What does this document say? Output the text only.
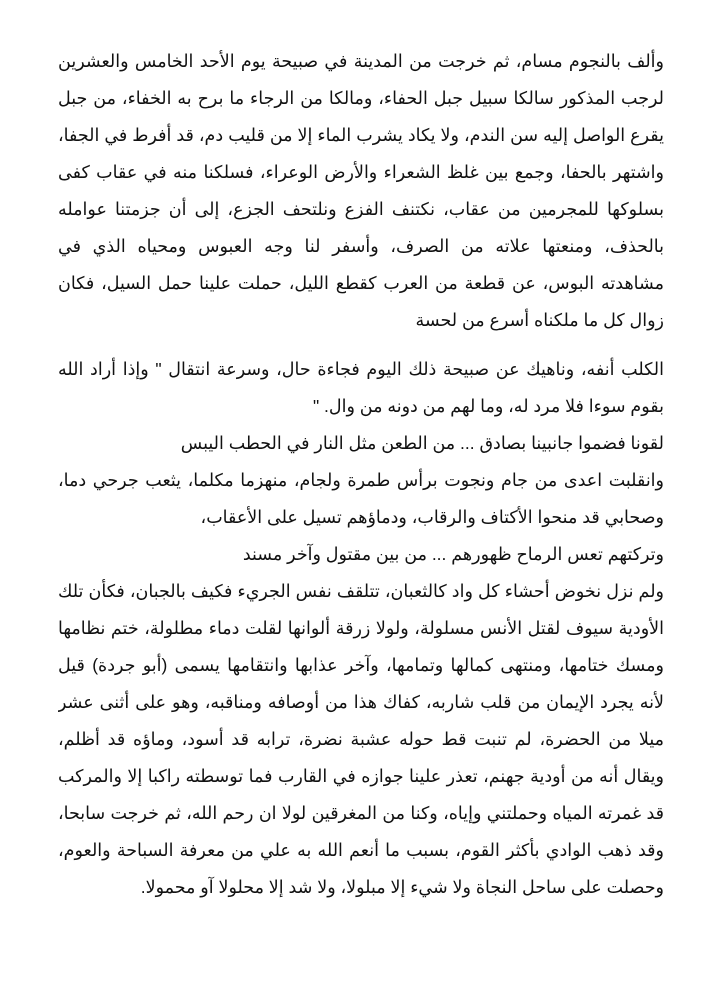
وألف بالنجوم مسام، ثم خرجت من المدينة في صبيحة يوم الأحد الخامس والعشرين
لرجب المذكور سالكا سبيل جبل الحفاء، ومالكا من الرجاء ما برح به الخفاء، من جبل
يقرع الواصل إليه سن الندم، ولا يكاد يشرب الماء إلا من قليب دم، قد أفرط في الجفا،
واشتهر بالحفا، وجمع بين غلظ الشعراء والأرض الوعراء، فسلكنا منه في عقاب كفى
بسلوكها للمجرمين من عقاب، نكتنف الفزع ونلتحف الجزع، إلى أن جزمتنا عوامله
بالحذف، ومنعتها علاته من الصرف، وأسفر لنا وجه العبوس ومحياه الذي في
مشاهدته البوس، عن قطعة من العرب كقطع الليل، حملت علينا حمل السيل، فكان
زوال كل ما ملكناه أسرع من لحسة
الكلب أنفه، وناهيك عن صبيحة ذلك اليوم فجاءة حال، وسرعة انتقال " وإذا أراد الله
بقوم سوءا فلا مرد له، وما لهم من دونه من وال. "
لقونا فضموا جانبينا بصادق ... من الطعن مثل النار في الحطب اليبس
وانقلبت اعدى من جام ونجوت برأس طمرة ولجام، منهزما مكلما، يثعب جرحي دما،
وصحابي قد منحوا الأكتاف والرقاب، ودماؤهم تسيل على الأعقاب،
وتركتهم تعس الرماح ظهورهم ... من بين مقتول وآخر مسند
ولم نزل نخوض أحشاء كل واد كالثعبان، تتلقف نفس الجريء فكيف بالجبان، فكأن تلك
الأودية سيوف لقتل الأنس مسلولة، ولولا زرقة ألوانها لقلت دماء مطلولة، ختم نظامها
ومسك ختامها، ومنتهى كمالها وتمامها، وآخر عذابها وانتقامها يسمى (أبو جردة) قيل
لأنه يجرد الإيمان من قلب شاربه، كفاك هذا من أوصافه ومناقبه، وهو على أثنى عشر
ميلا من الحضرة، لم تنبت قط حوله عشبة نضرة، ترابه قد أسود، وماؤه قد أظلم،
ويقال أنه من أودية جهنم، تعذر علينا جوازه في القارب فما توسطته راكبا إلا والمركب
قد غمرته المياه وحملتني وإياه، وكنا من المغرقين لولا ان رحم الله، ثم خرجت سابحا،
وقد ذهب الوادي بأكثر القوم، بسبب ما أنعم الله به علي من معرفة السباحة والعوم،
وحصلت على ساحل النجاة ولا شيء إلا مبلولا، ولا شد إلا محلولا آو محمولا.
